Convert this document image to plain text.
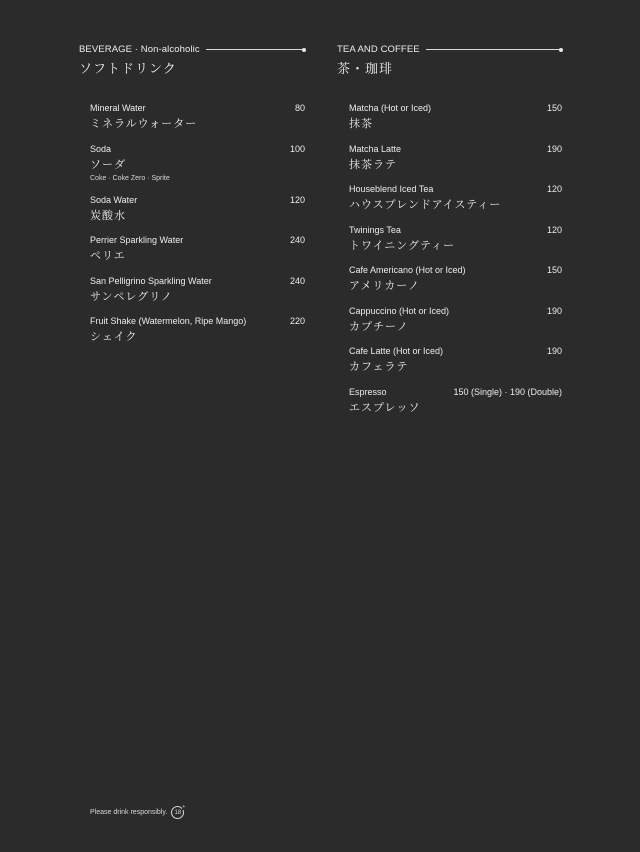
BEVERAGE · Non-alcoholic
ソフトドリンク
Mineral Water	80
ミネラルウォーター
Soda	100
ソーダ
Coke · Coke Zero · Sprite
Soda Water	120
炭酸水
Perrier Sparkling Water	240
ペリエ
San Pelligrino Sparkling Water	240
サンペレグリノ
Fruit Shake (Watermelon, Ripe Mango)	220
シェイク
TEA AND COFFEE
茶・珈琲
Matcha (Hot or Iced)	150
抹茶
Matcha Latte	190
抹茶ラテ
Houseblend Iced Tea	120
ハウスブレンドアイスティー
Twinings Tea	120
トワイニングティー
Cafe Americano (Hot or Iced)	150
アメリカーノ
Cappuccino (Hot or Iced)	190
カプチーノ
Cafe Latte (Hot or Iced)	190
カフェラテ
Espresso	150 (Single) · 190 (Double)
エスプレッソ
Please drink responsibly. 18
+
